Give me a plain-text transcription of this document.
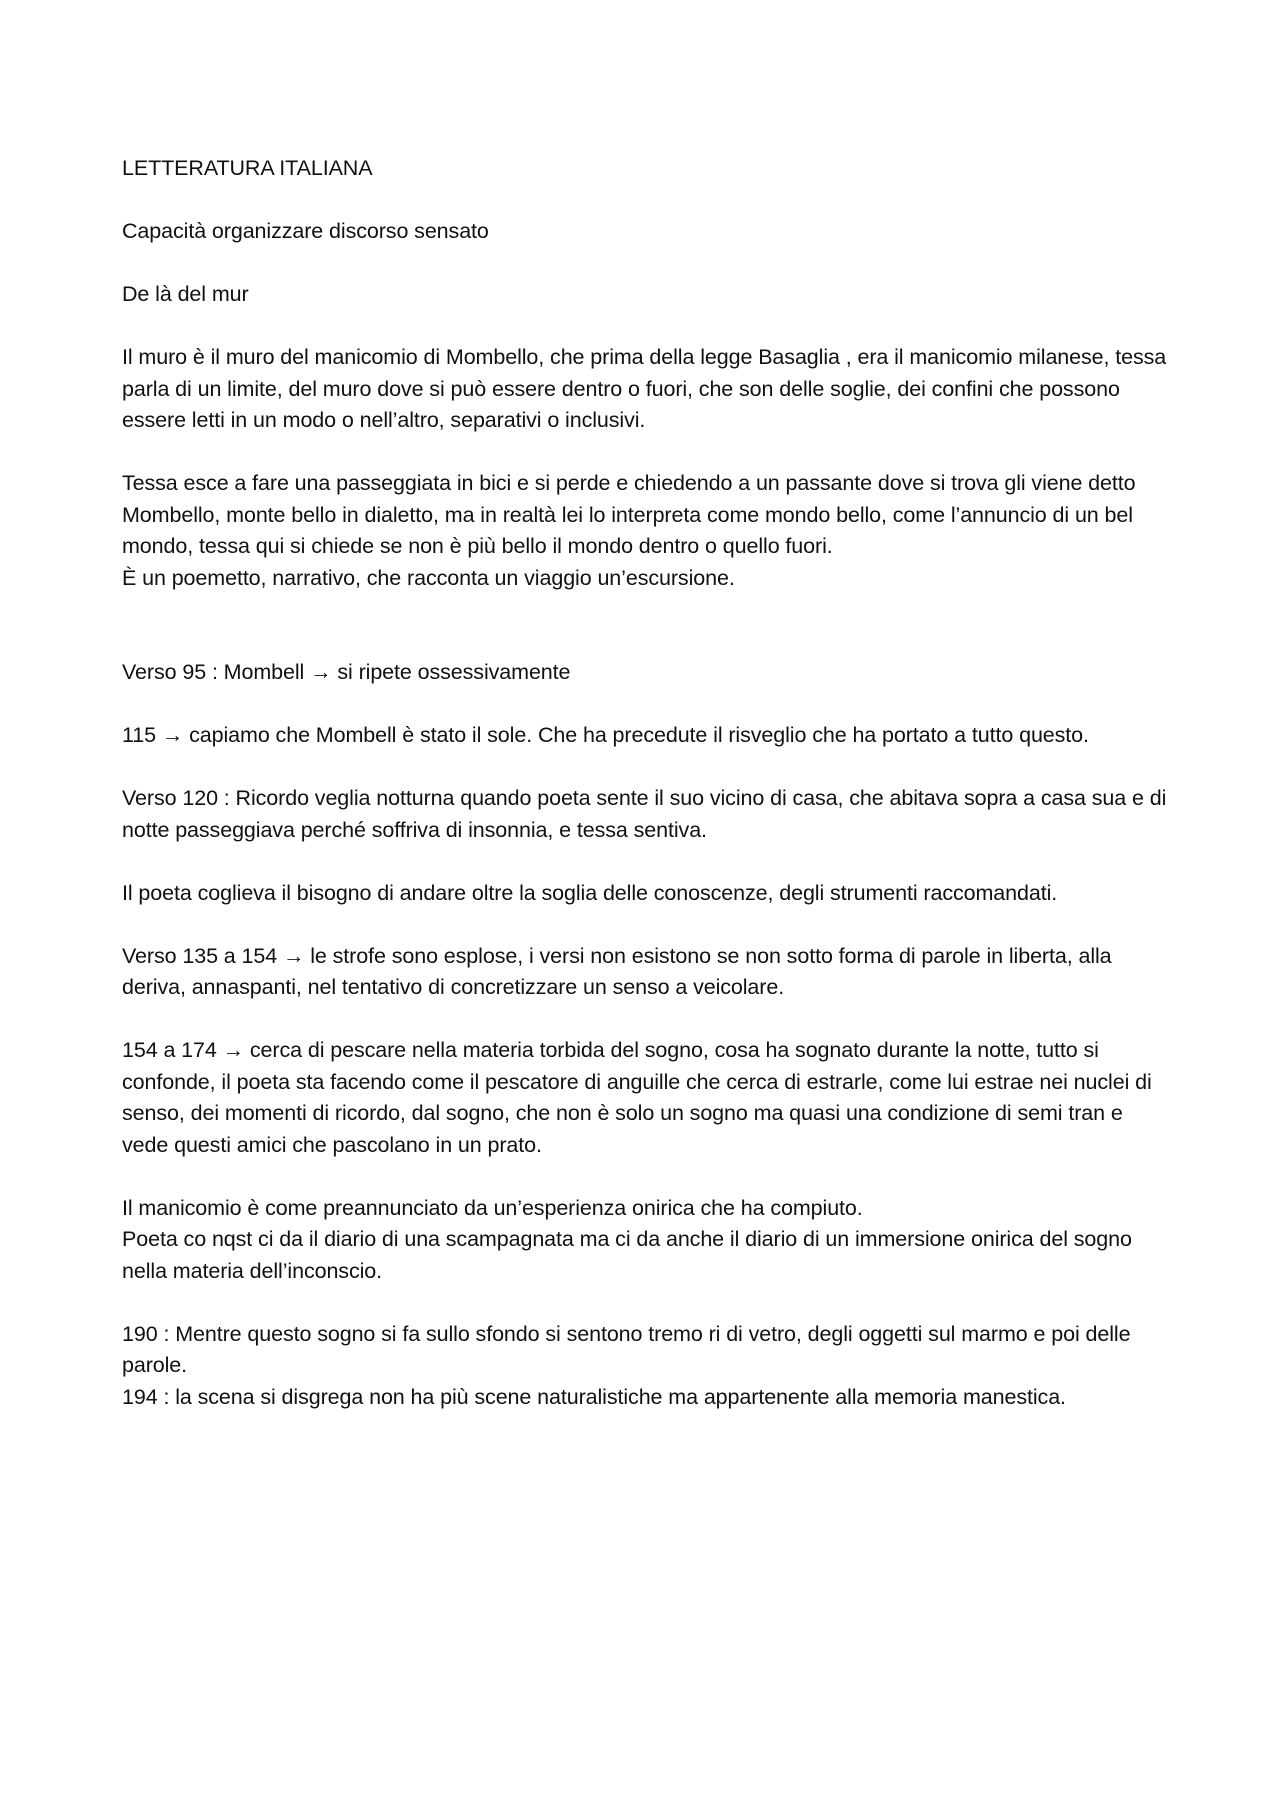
LETTERATURA ITALIANA

Capacità organizzare discorso sensato

De là del mur

Il muro è il muro del manicomio di Mombello, che prima della legge Basaglia , era il manicomio milanese, tessa parla di un limite, del muro dove si può essere dentro o fuori, che son delle soglie, dei confini che possono essere letti in un modo o nell’altro, separativi o inclusivi.

Tessa esce a fare una passeggiata in bici e si perde e chiedendo a un passante dove si trova gli viene detto Mombello, monte bello in dialetto, ma in realtà lei lo interpreta come mondo bello, come l’annuncio di un bel mondo, tessa qui si chiede se non è più bello il mondo dentro o quello fuori.

È un poemetto, narrativo, che racconta un viaggio un’escursione.

Verso 95 : Mombell → si ripete ossessivamente

115 → capiamo che Mombell è stato il sole. Che ha precedute il risveglio che ha portato a tutto questo.

Verso 120 : Ricordo veglia notturna quando poeta sente il suo vicino di casa, che abitava sopra a casa sua e di notte passeggiava perché soffriva di insonnia, e tessa sentiva.

Il poeta coglieva il bisogno di andare oltre la soglia delle conoscenze, degli strumenti raccomandati.

Verso 135 a 154 → le strofe sono esplose, i versi non esistono se non sotto forma di parole in liberta, alla deriva, annaspanti, nel tentativo di concretizzare un senso a veicolare.

154 a 174 → cerca di pescare nella materia torbida del sogno, cosa ha sognato durante la notte, tutto si confonde, il poeta sta facendo come il pescatore di anguille che cerca di estrarle, come lui estrae nei nuclei di senso, dei momenti di ricordo, dal sogno, che non è solo un sogno ma quasi una condizione di semi tran e vede questi amici che pascolano in un prato.

Il manicomio è come preannunciato da un’esperienza onirica che ha compiuto.

Poeta co nqst ci da il diario di una scampagnata ma ci da anche il diario di un immersione onirica del sogno nella materia dell’inconscio.

190 : Mentre questo sogno si fa sullo sfondo si sentono tremo ri di vetro, degli oggetti sul marmo e poi delle parole.

194 : la scena si disgrega non ha più scene naturalistiche ma appartenente alla memoria manestica.
